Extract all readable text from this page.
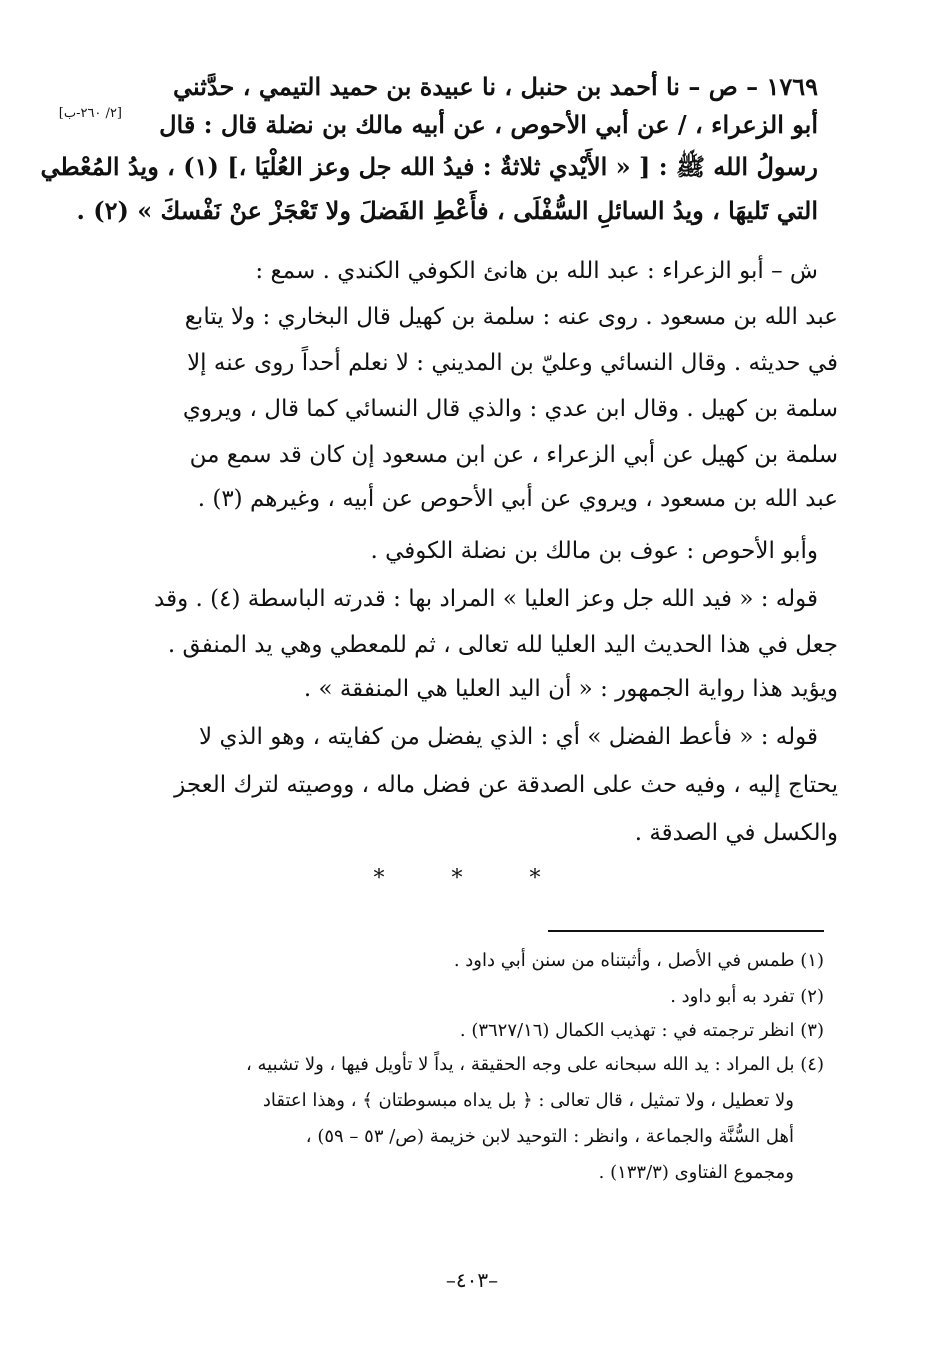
١٧٦٩ – ص – نا أحمد بن حنبل ، نا عبيدة بن حميد التيمي ، حدَّثني
[٢/ ٢٦٠-ب] أبو الزعراء ، / عن أبي الأحوص ، عن أبيه مالك بن نضلة قال : قال
رسولُ الله ﷺ : [ « الأَيْدي ثلاثةٌ : فيدُ الله جل وعز العُلْيَا ،] (١) ، ويدُ المُعْطي
التي تَليهَا ، ويدُ السائلِ السُّفْلَى ، فأَعْطِ الفَضلَ ولا تَعْجَزْ عنْ نَفْسكَ » (٢) .
ش – أبو الزعراء : عبد الله بن هانئ الكوفي الكندي . سمع :
عبد الله بن مسعود . روى عنه : سلمة بن كهيل قال البخاري : ولا يتابع
في حديثه . وقال النسائي وعليّ بن المديني : لا نعلم أحداً روى عنه إلا
سلمة بن كهيل . وقال ابن عدي : والذي قال النسائي كما قال ، ويروي
سلمة بن كهيل عن أبي الزعراء ، عن ابن مسعود إن كان قد سمع من
عبد الله بن مسعود ، ويروي عن أبي الأحوص عن أبيه ، وغيرهم (٣) .
وأبو الأحوص : عوف بن مالك بن نضلة الكوفي .
قوله : « فيد الله جل وعز العليا » المراد بها : قدرته الباسطة (٤) . وقد
جعل في هذا الحديث اليد العليا لله تعالى ، ثم للمعطي وهي يد المنفق .
ويؤيد هذا رواية الجمهور : « أن اليد العليا هي المنفقة » .
قوله : « فأعط الفضل » أي : الذي يفضل من كفايته ، وهو الذي لا
يحتاج إليه ، وفيه حث على الصدقة عن فضل ماله ، ووصيته لترك العجز
والكسل في الصدقة .
* * *
(١) طمس في الأصل ، وأثبتناه من سنن أبي داود .
(٢) تفرد به أبو داود .
(٣) انظر ترجمته في : تهذيب الكمال (٣٦٢٧/١٦) .
(٤) بل المراد : يد الله سبحانه على وجه الحقيقة ، يداً لا تأويل فيها ، ولا تشبيه ،
ولا تعطيل ، ولا تمثيل ، قال تعالى : ﴿ بل يداه مبسوطتان ﴾ ، وهذا اعتقاد
أهل السُّنَّة والجماعة ، وانظر : التوحيد لابن خزيمة (ص/ ٥٣ – ٥٩) ،
ومجموع الفتاوى (١٣٣/٣) .
–٤٠٣–
